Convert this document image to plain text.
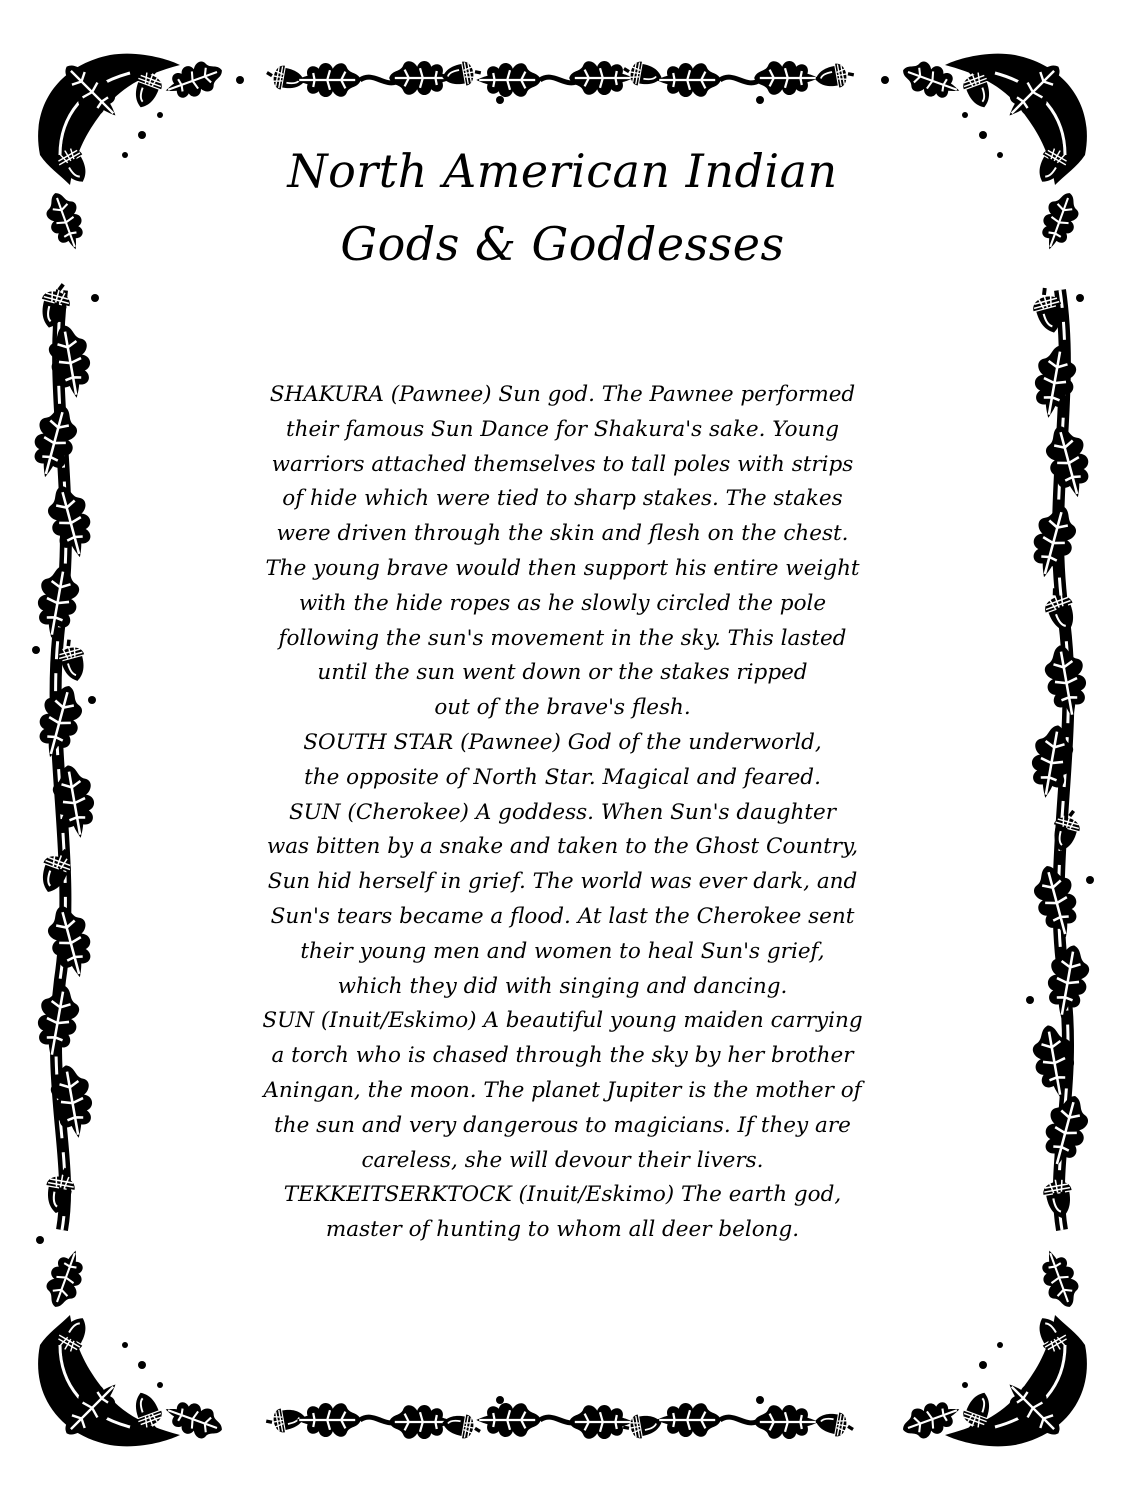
North American Indian
Gods & Goddesses
SHAKURA (Pawnee) Sun god. The Pawnee performed
their famous Sun Dance for Shakura's sake. Young
warriors attached themselves to tall poles with strips
of hide which were tied to sharp stakes. The stakes
were driven through the skin and flesh on the chest.
The young brave would then support his entire weight
with the hide ropes as he slowly circled the pole
following the sun's movement in the sky. This lasted
until the sun went down or the stakes ripped
out of the brave's flesh.
SOUTH STAR (Pawnee) God of the underworld,
the opposite of North Star. Magical and feared.
SUN (Cherokee) A goddess. When Sun's daughter
was bitten by a snake and taken to the Ghost Country,
Sun hid herself in grief. The world was ever dark, and
Sun's tears became a flood. At last the Cherokee sent
their young men and women to heal Sun's grief,
which they did with singing and dancing.
SUN (Inuit/Eskimo) A beautiful young maiden carrying
a torch who is chased through the sky by her brother
Aningan, the moon. The planet Jupiter is the mother of
the sun and very dangerous to magicians. If they are
careless, she will devour their livers.
TEKKEITSERKTOCK (Inuit/Eskimo) The earth god,
master of hunting to whom all deer belong.
